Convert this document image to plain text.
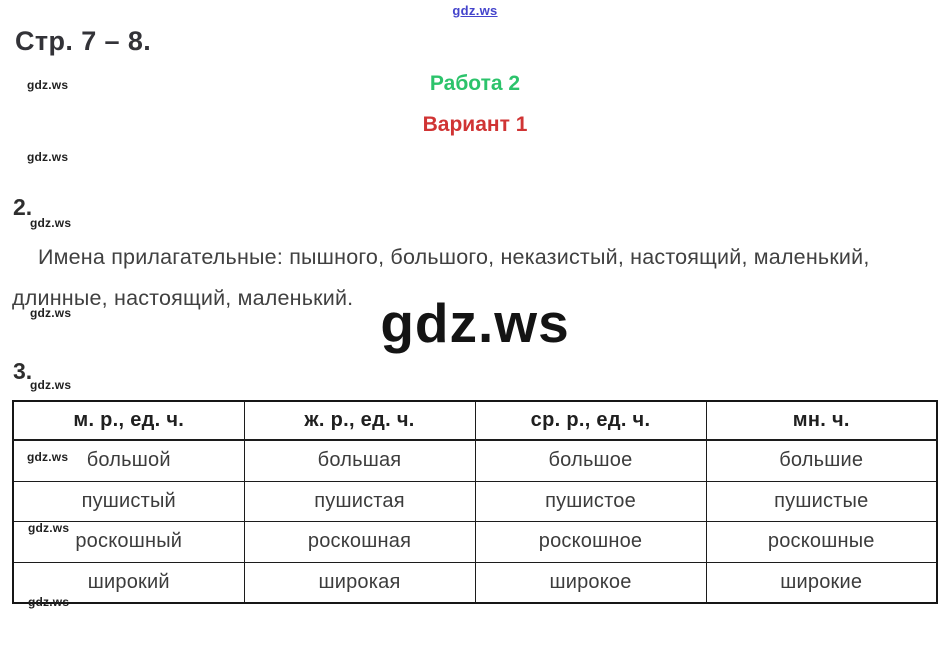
gdz.ws
Стр. 7 – 8.
gdz.ws
gdz.ws
Работа 2
Вариант 1
2.
gdz.ws
Имена прилагательные: пышного, большого, неказистый, настоящий, маленький,
длинные, настоящий, маленький.
gdz.ws	gdz.ws
3.
gdz.ws
м. р., ед. ч.	ж. р., ед. ч.	ср. р., ед. ч.	мн. ч.
большой	большая	большое	большие
пушистый	пушистая	пушистое	пушистые
роскошный	роскошная	роскошное	роскошные
широкий	широкая	широкое	широкие
gdz.ws
gdz.ws
gdz.ws
